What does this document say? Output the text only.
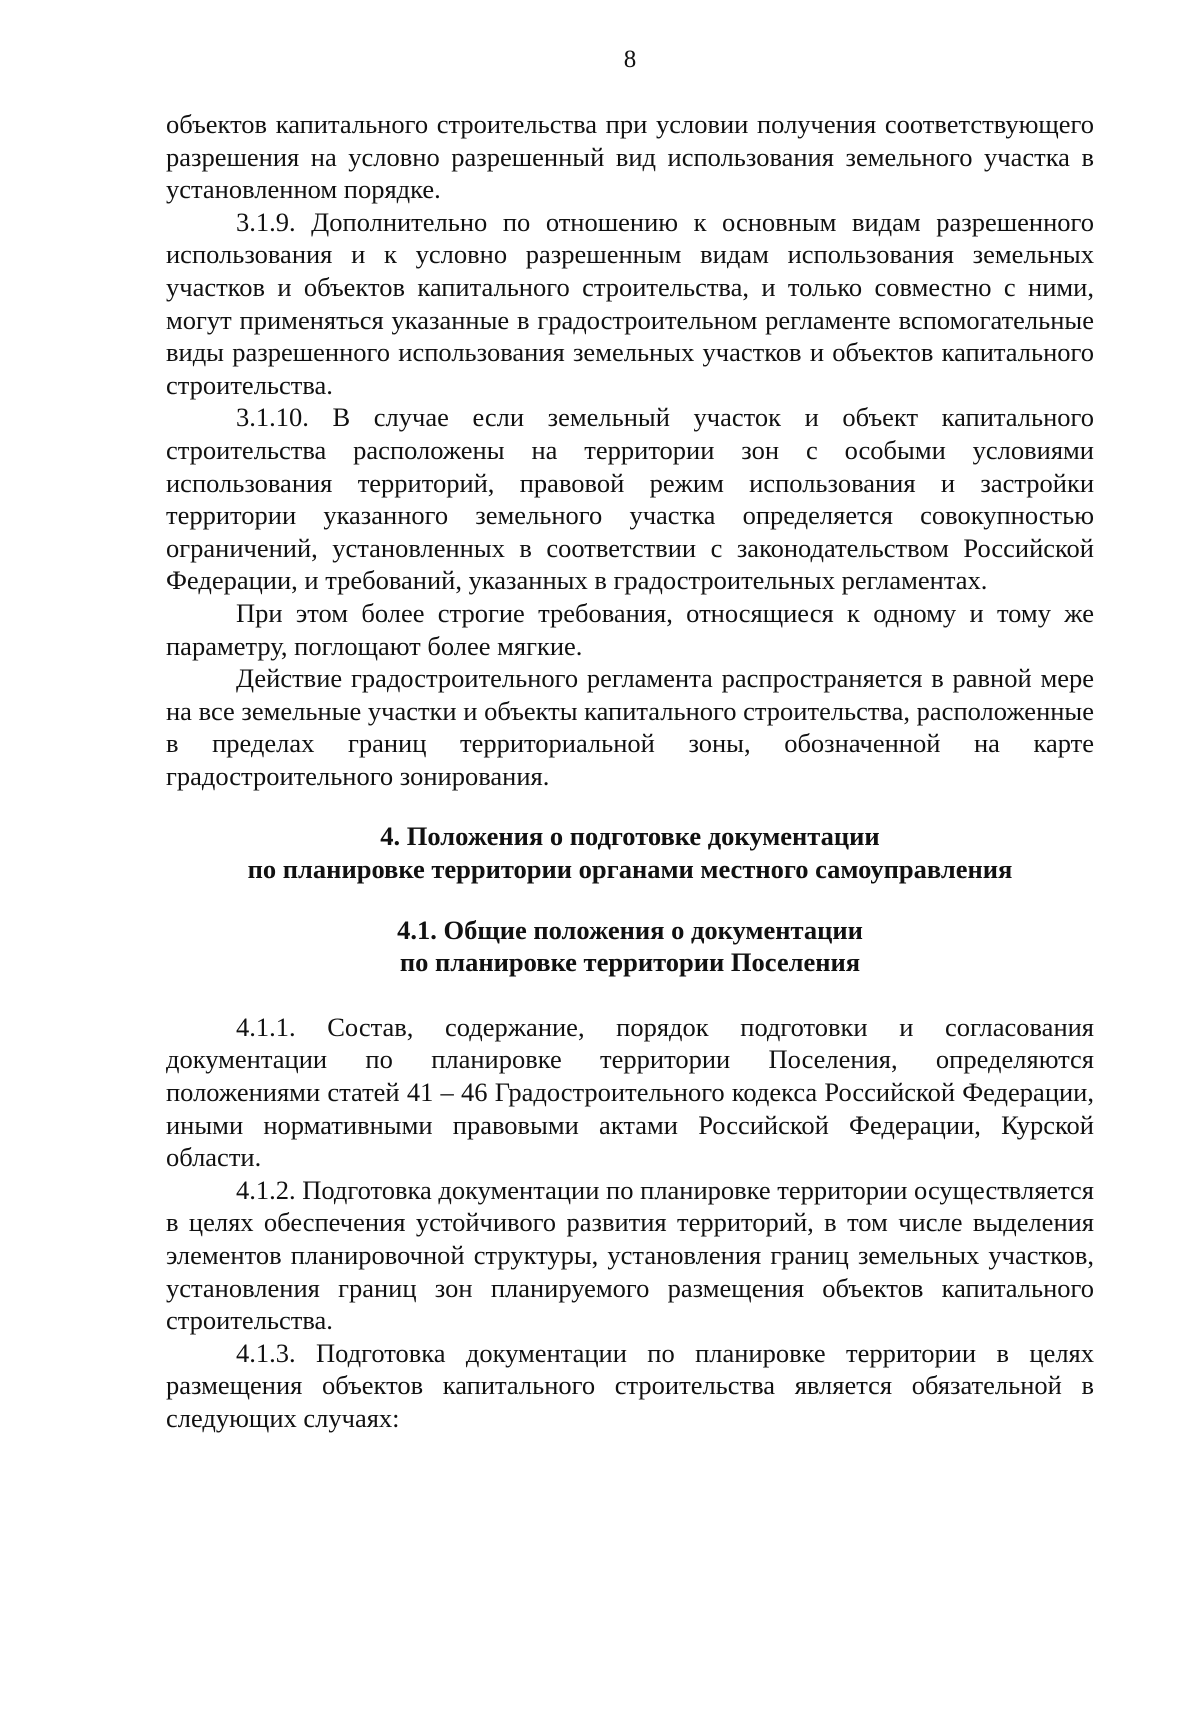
8

объектов капитального строительства при условии получения соответствующего разрешения на условно разрешенный вид использования земельного участка в установленном порядке.

3.1.9. Дополнительно по отношению к основным видам разрешенного использования и к условно разрешенным видам использования земельных участков и объектов капитального строительства, и только совместно с ними, могут применяться указанные в градостроительном регламенте вспомогательные виды разрешенного использования земельных участков и объектов капитального строительства.

3.1.10. В случае если земельный участок и объект капитального строительства расположены на территории зон с особыми условиями использования территорий, правовой режим использования и застройки территории указанного земельного участка определяется совокупностью ограничений, установленных в соответствии с законодательством Российской Федерации, и требований, указанных в градостроительных регламентах.

При этом более строгие требования, относящиеся к одному и тому же параметру, поглощают более мягкие.

Действие градостроительного регламента распространяется в равной мере на все земельные участки и объекты капитального строительства, расположенные в пределах границ территориальной зоны, обозначенной на карте градостроительного зонирования.

4. Положения о подготовке документации
по планировке территории органами местного самоуправления
4.1. Общие положения о документации
по планировке территории Поселения

4.1.1. Состав, содержание, порядок подготовки и согласования документации по планировке территории Поселения, определяются положениями статей 41 – 46 Градостроительного кодекса Российской Федерации, иными нормативными правовыми актами Российской Федерации, Курской области.

4.1.2. Подготовка документации по планировке территории осуществляется в целях обеспечения устойчивого развития территорий, в том числе выделения элементов планировочной структуры, установления границ земельных участков, установления границ зон планируемого размещения объектов капитального строительства.

4.1.3. Подготовка документации по планировке территории в целях размещения объектов капитального строительства является обязательной в следующих случаях:
